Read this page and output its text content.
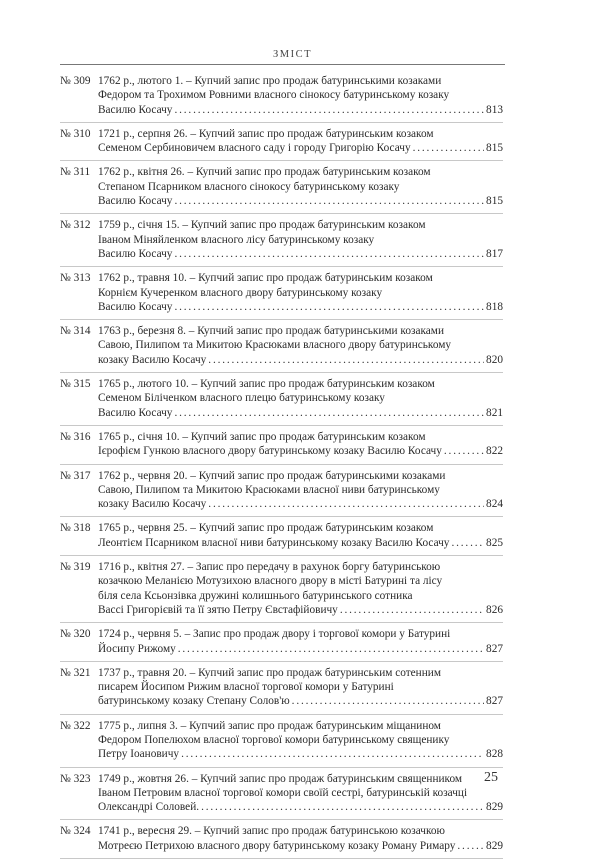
ЗМІСТ
№ 309 1762 р., лютого 1. – Купчий запис про продаж батуринськими козаками
Федором та Трохимом Ровними власного сінокосу батуринському козаку
Василю Косачу . . .	813
№ 310 1721 р., серпня 26. – Купчий запис про продаж батуринським козаком
Семеном Сербиновичем власного саду і городу Григорію Косачу . . .	815
№ 311 1762 р., квітня 26. – Купчий запис про продаж батуринським козаком
Степаном Псарником власного сінокосу батуринському козаку
Василю Косачу . . .	815
№ 312 1759 р., січня 15. – Купчий запис про продаж батуринським козаком
Іваном Міняйленком власного лісу батуринському козаку
Василю Косачу . . .	817
№ 313 1762 р., травня 10. – Купчий запис про продаж батуринським козаком
Корнієм Кучеренком власного двору батуринському козаку
Василю Косачу . . .	818
№ 314 1763 р., березня 8. – Купчий запис про продаж батуринськими козаками
Савою, Пилипом та Микитою Красюками власного двору батуринському
козаку Василю Косачу . . .	820
№ 315 1765 р., лютого 10. – Купчий запис про продаж батуринським козаком
Семеном Біліченком власного плецю батуринському козаку
Василю Косачу . . .	821
№ 316 1765 р., січня 10. – Купчий запис про продаж батуринським козаком
Ієрофієм Гункою власного двору батуринському козаку Василю Косачу . . .	822
№ 317 1762 р., червня 20. – Купчий запис про продаж батуринськими козаками
Савою, Пилипом та Микитою Красюками власної ниви батуринському
козаку Василю Косачу . . .	824
№ 318 1765 р., червня 25. – Купчий запис про продаж батуринським козаком
Леонтієм Псарником власної ниви батуринському козаку Василю Косачу . . .	825
№ 319 1716 р., квітня 27. – Запис про передачу в рахунок боргу батуринською
козачкою Меланією Мотузихою власного двору в місті Батурині та лісу
біля села Ксьонзівка дружині колишнього батуринського сотника
Вассі Григорієвій та її зятю Петру Євстафійовичу . . .	826
№ 320 1724 р., червня 5. – Запис про продаж двору і торгової комори у Батурині
Йосипу Рижому . . .	827
№ 321 1737 р., травня 20. – Купчий запис про продаж батуринським сотенним
писарем Йосипом Рижим власної торгової комори у Батурині
батуринському козаку Степану Солов'ю . . .	827
№ 322 1775 р., липня 3. – Купчий запис про продаж батуринським міщанином
Федором Попелюхом власної торгової комори батуринському священику
Петру Іоановичу . . .	828
№ 323 1749 р., жовтня 26. – Купчий запис про продаж батуринським священником
Іваном Петровим власної торгової комори своїй сестрі, батуринській козачці
Олександрі Соловей. . . .	829
№ 324 1741 р., вересня 29. – Купчий запис про продаж батуринською козачкою
Мотреєю Петрихою власного двору батуринському козаку Роману Римару . . .	829
25
